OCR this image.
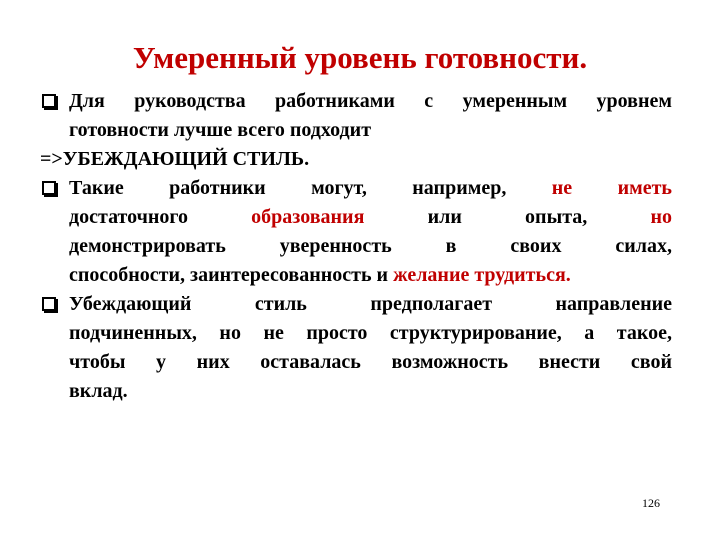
Умеренный уровень готовности.
Для руководства работниками с умеренным уровнем
готовности лучше всего подходит
=>УБЕЖДАЮЩИЙ СТИЛЬ.
Такие работники могут, например, не иметь
достаточного образования или опыта, но
демонстрировать уверенность в своих силах,
способности, заинтересованность и желание трудиться.
Убеждающий стиль предполагает направление
подчиненных, но не просто структурирование, а такое,
чтобы у них оставалась возможность внести свой
вклад.
126
